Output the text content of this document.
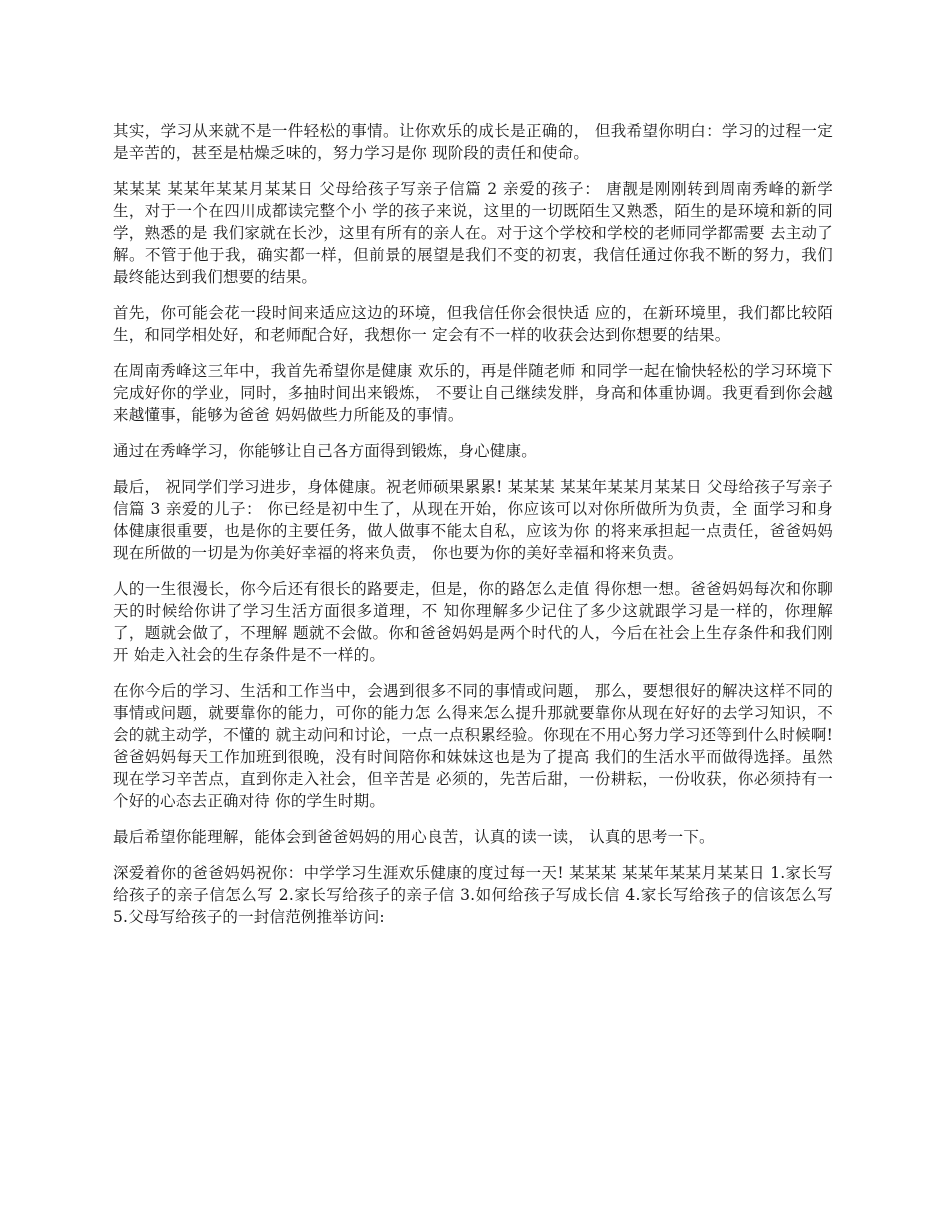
其实，学习从来就不是一件轻松的事情。让你欢乐的成长是正确的， 但我希望你明白：学习的过程一定是辛苦的，甚至是枯燥乏味的，努力学习是你 现阶段的责任和使命。

某某某 某某年某某月某某日 父母给孩子写亲子信篇 2 亲爱的孩子： 唐靓是刚刚转到周南秀峰的新学生，对于一个在四川成都读完整个小 学的孩子来说，这里的一切既陌生又熟悉，陌生的是环境和新的同学，熟悉的是 我们家就在长沙，这里有所有的亲人在。对于这个学校和学校的老师同学都需要 去主动了解。不管于他于我，确实都一样，但前景的展望是我们不变的初衷，我信任通过你我不断的努力，我们最终能达到我们想要的结果。

首先，你可能会花一段时间来适应这边的环境，但我信任你会很快适 应的，在新环境里，我们都比较陌生，和同学相处好，和老师配合好，我想你一 定会有不一样的收获会达到你想要的结果。

在周南秀峰这三年中，我首先希望你是健康 欢乐的，再是伴随老师 和同学一起在愉快轻松的学习环境下完成好你的学业，同时，多抽时间出来锻炼， 不要让自己继续发胖，身高和体重协调。我更看到你会越来越懂事，能够为爸爸 妈妈做些力所能及的事情。

通过在秀峰学习，你能够让自己各方面得到锻炼，身心健康。

最后， 祝同学们学习进步，身体健康。祝老师硕果累累! 某某某 某某年某某月某某日 父母给孩子写亲子信篇 3 亲爱的儿子： 你已经是初中生了，从现在开始，你应该可以对你所做所为负责，全 面学习和身体健康很重要，也是你的主要任务，做人做事不能太自私，应该为你 的将来承担起一点责任，爸爸妈妈现在所做的一切是为你美好幸福的将来负责， 你也要为你的美好幸福和将来负责。

人的一生很漫长，你今后还有很长的路要走，但是，你的路怎么走值 得你想一想。爸爸妈妈每次和你聊天的时候给你讲了学习生活方面很多道理，不 知你理解多少记住了多少这就跟学习是一样的，你理解了，题就会做了，不理解 题就不会做。你和爸爸妈妈是两个时代的人，今后在社会上生存条件和我们刚开 始走入社会的生存条件是不一样的。

在你今后的学习、生活和工作当中，会遇到很多不同的事情或问题， 那么，要想很好的解决这样不同的事情或问题，就要靠你的能力，可你的能力怎 么得来怎么提升那就要靠你从现在好好的去学习知识，不会的就主动学，不懂的 就主动问和讨论，一点一点积累经验。你现在不用心努力学习还等到什么时候啊!爸爸妈妈每天工作加班到很晚，没有时间陪你和妹妹这也是为了提高 我们的生活水平而做得选择。虽然现在学习辛苦点，直到你走入社会，但辛苦是 必须的，先苦后甜，一份耕耘，一份收获，你必须持有一个好的心态去正确对待 你的学生时期。

最后希望你能理解，能体会到爸爸妈妈的用心良苦，认真的读一读， 认真的思考一下。

深爱着你的爸爸妈妈祝你：中学学习生涯欢乐健康的度过每一天! 某某某 某某年某某月某某日 1.家长写给孩子的亲子信怎么写 2.家长写给孩子的亲子信 3.如何给孩子写成长信 4.家长写给孩子的信该怎么写 5.父母写给孩子的一封信范例推举访问:
